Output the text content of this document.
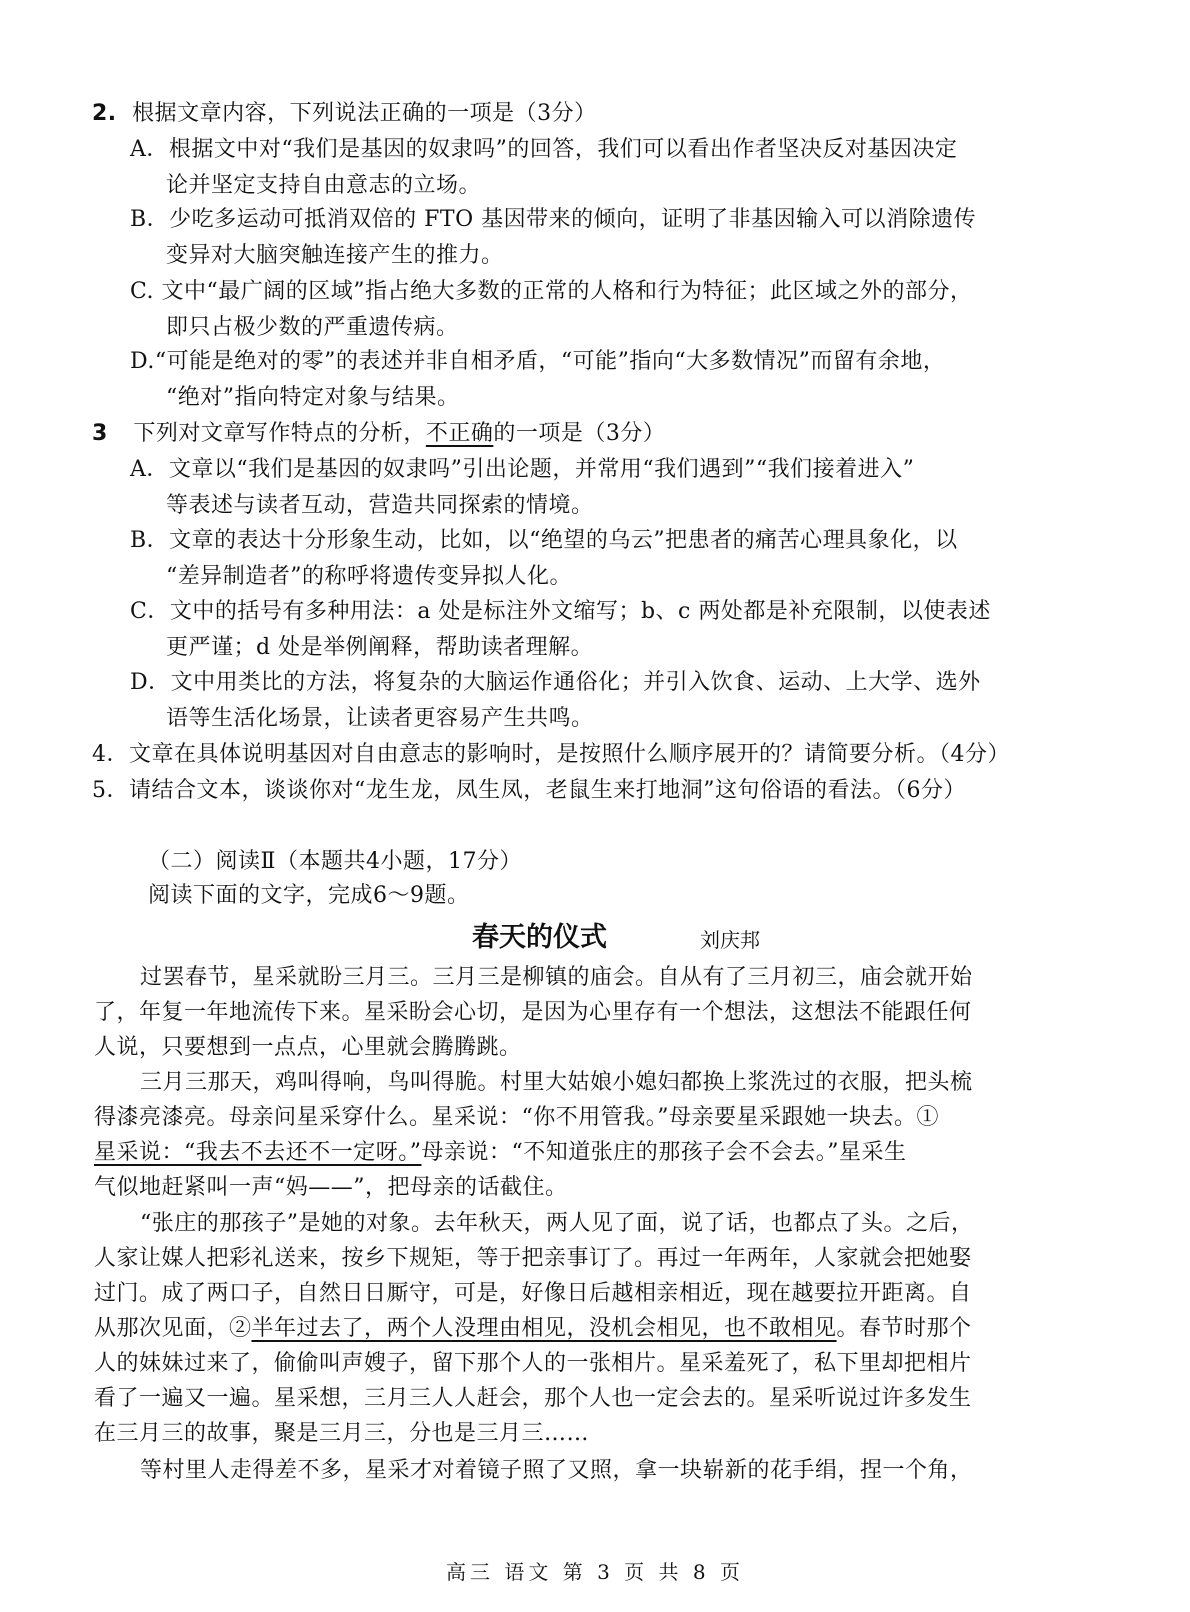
2. 根据文章内容，下列说法正确的一项是（3分）
A．根据文中对“我们是基因的奴隶吗”的回答，我们可以看出作者坚决反对基因决定
论并坚定支持自由意志的立场。
B．少吃多运动可抵消双倍的 FTO 基因带来的倾向，证明了非基因输入可以消除遗传
变异对大脑突触连接产生的推力。
C. 文中“最广阔的区域”指占绝大多数的正常的人格和行为特征；此区域之外的部分，
即只占极少数的严重遗传病。
D.“可能是绝对的零”的表述并非自相矛盾，“可能”指向“大多数情况”而留有余地，
“绝对”指向特定对象与结果。
3 下列对文章写作特点的分析，不正确的一项是（3分）
A．文章以“我们是基因的奴隶吗”引出论题，并常用“我们遇到”“我们接着进入”
等表述与读者互动，营造共同探索的情境。
B．文章的表达十分形象生动，比如，以“绝望的乌云”把患者的痛苦心理具象化，以
“差异制造者”的称呼将遗传变异拟人化。
C．文中的括号有多种用法：a 处是标注外文缩写；b、c 两处都是补充限制，以使表述
更严谨；d 处是举例阐释，帮助读者理解。
D．文中用类比的方法，将复杂的大脑运作通俗化；并引入饮食、运动、上大学、选外
语等生活化场景，让读者更容易产生共鸣。
4．文章在具体说明基因对自由意志的影响时，是按照什么顺序展开的？请简要分析。（4分）
5．请结合文本，谈谈你对“龙生龙，凤生凤，老鼠生来打地洞”这句俗语的看法。（6分）
（二）阅读Ⅱ（本题共4小题，17分）
阅读下面的文字，完成6～9题。
春天的仪式	刘庆邦
过罢春节，星采就盼三月三。三月三是柳镇的庙会。自从有了三月初三，庙会就开始
了，年复一年地流传下来。星采盼会心切，是因为心里存有一个想法，这想法不能跟任何
人说，只要想到一点点，心里就会腾腾跳。
三月三那天，鸡叫得响，鸟叫得脆。村里大姑娘小媳妇都换上浆洗过的衣服，把头梳
得漆亮漆亮。母亲问星采穿什么。星采说：“你不用管我。”母亲要星采跟她一块去。①
星采说：“我去不去还不一定呀。”母亲说：“不知道张庄的那孩子会不会去。”星采生
气似地赶紧叫一声“妈——”，把母亲的话截住。
“张庄的那孩子”是她的对象。去年秋天，两人见了面，说了话，也都点了头。之后，
人家让媒人把彩礼送来，按乡下规矩，等于把亲事订了。再过一年两年，人家就会把她娶
过门。成了两口子，自然日日厮守，可是，好像日后越相亲相近，现在越要拉开距离。自
从那次见面，②半年过去了，两个人没理由相见，没机会相见，也不敢相见。春节时那个
人的妹妹过来了，偷偷叫声嫂子，留下那个人的一张相片。星采羞死了，私下里却把相片
看了一遍又一遍。星采想，三月三人人赶会，那个人也一定会去的。星采听说过许多发生
在三月三的故事，聚是三月三，分也是三月三……
等村里人走得差不多，星采才对着镜子照了又照，拿一块崭新的花手绢，捏一个角，
高三 语文 第 3 页 共 8 页
